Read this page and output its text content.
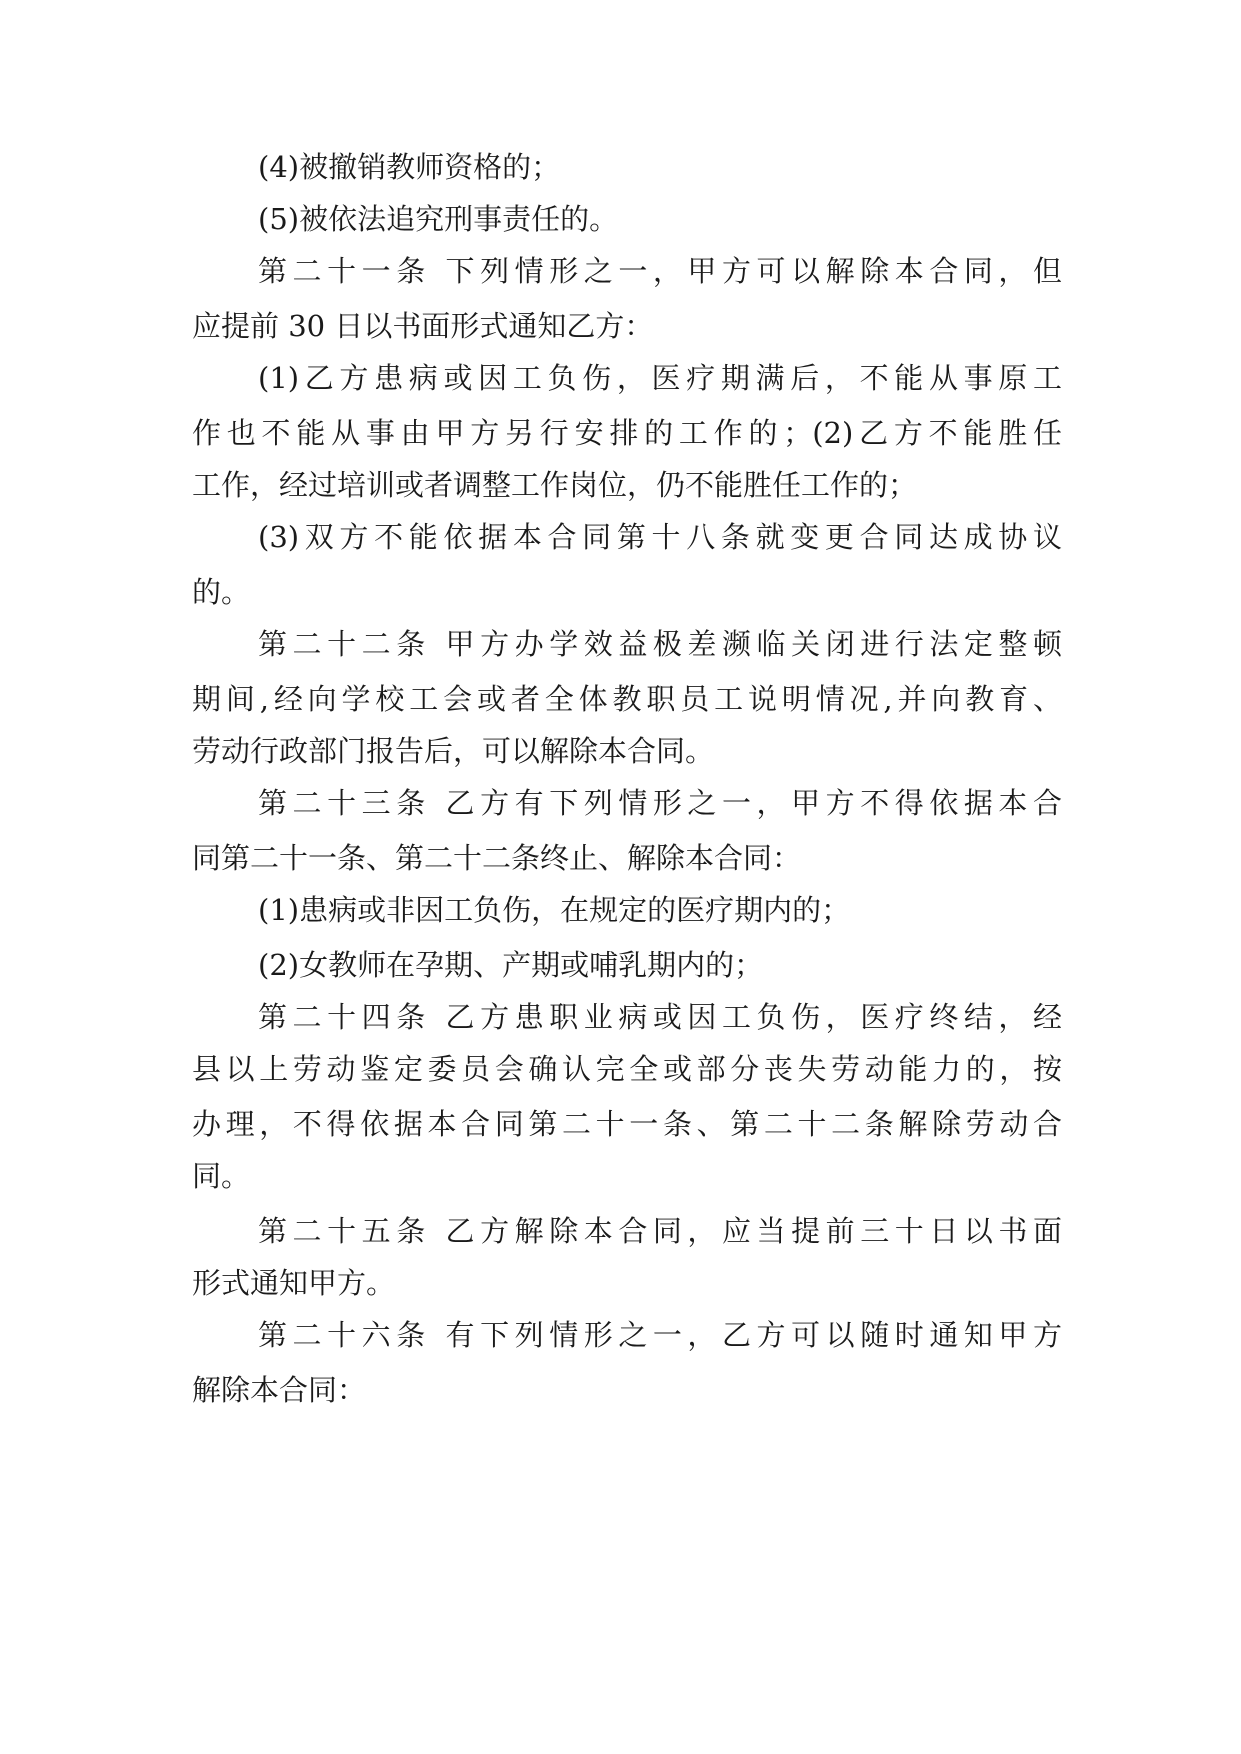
(4)被撤销教师资格的；

(5)被依法追究刑事责任的。

第二十一条 下列情形之一，甲方可以解除本合同，但

应提前 30 日以书面形式通知乙方：

(1)乙方患病或因工负伤，医疗期满后，不能从事原工

作也不能从事由甲方另行安排的工作的；(2)乙方不能胜任

工作，经过培训或者调整工作岗位，仍不能胜任工作的；

(3)双方不能依据本合同第十八条就变更合同达成协议

的。

第二十二条 甲方办学效益极差濒临关闭进行法定整顿

期间,经向学校工会或者全体教职员工说明情况,并向教育、

劳动行政部门报告后，可以解除本合同。

第二十三条 乙方有下列情形之一，甲方不得依据本合

同第二十一条、第二十二条终止、解除本合同：

(1)患病或非因工负伤，在规定的医疗期内的；

(2)女教师在孕期、产期或哺乳期内的；

第二十四条 乙方患职业病或因工负伤，医疗终结，经

县以上劳动鉴定委员会确认完全或部分丧失劳动能力的，按

办理，不得依据本合同第二十一条、第二十二条解除劳动合

同。

第二十五条 乙方解除本合同，应当提前三十日以书面

形式通知甲方。

第二十六条 有下列情形之一，乙方可以随时通知甲方

解除本合同：
